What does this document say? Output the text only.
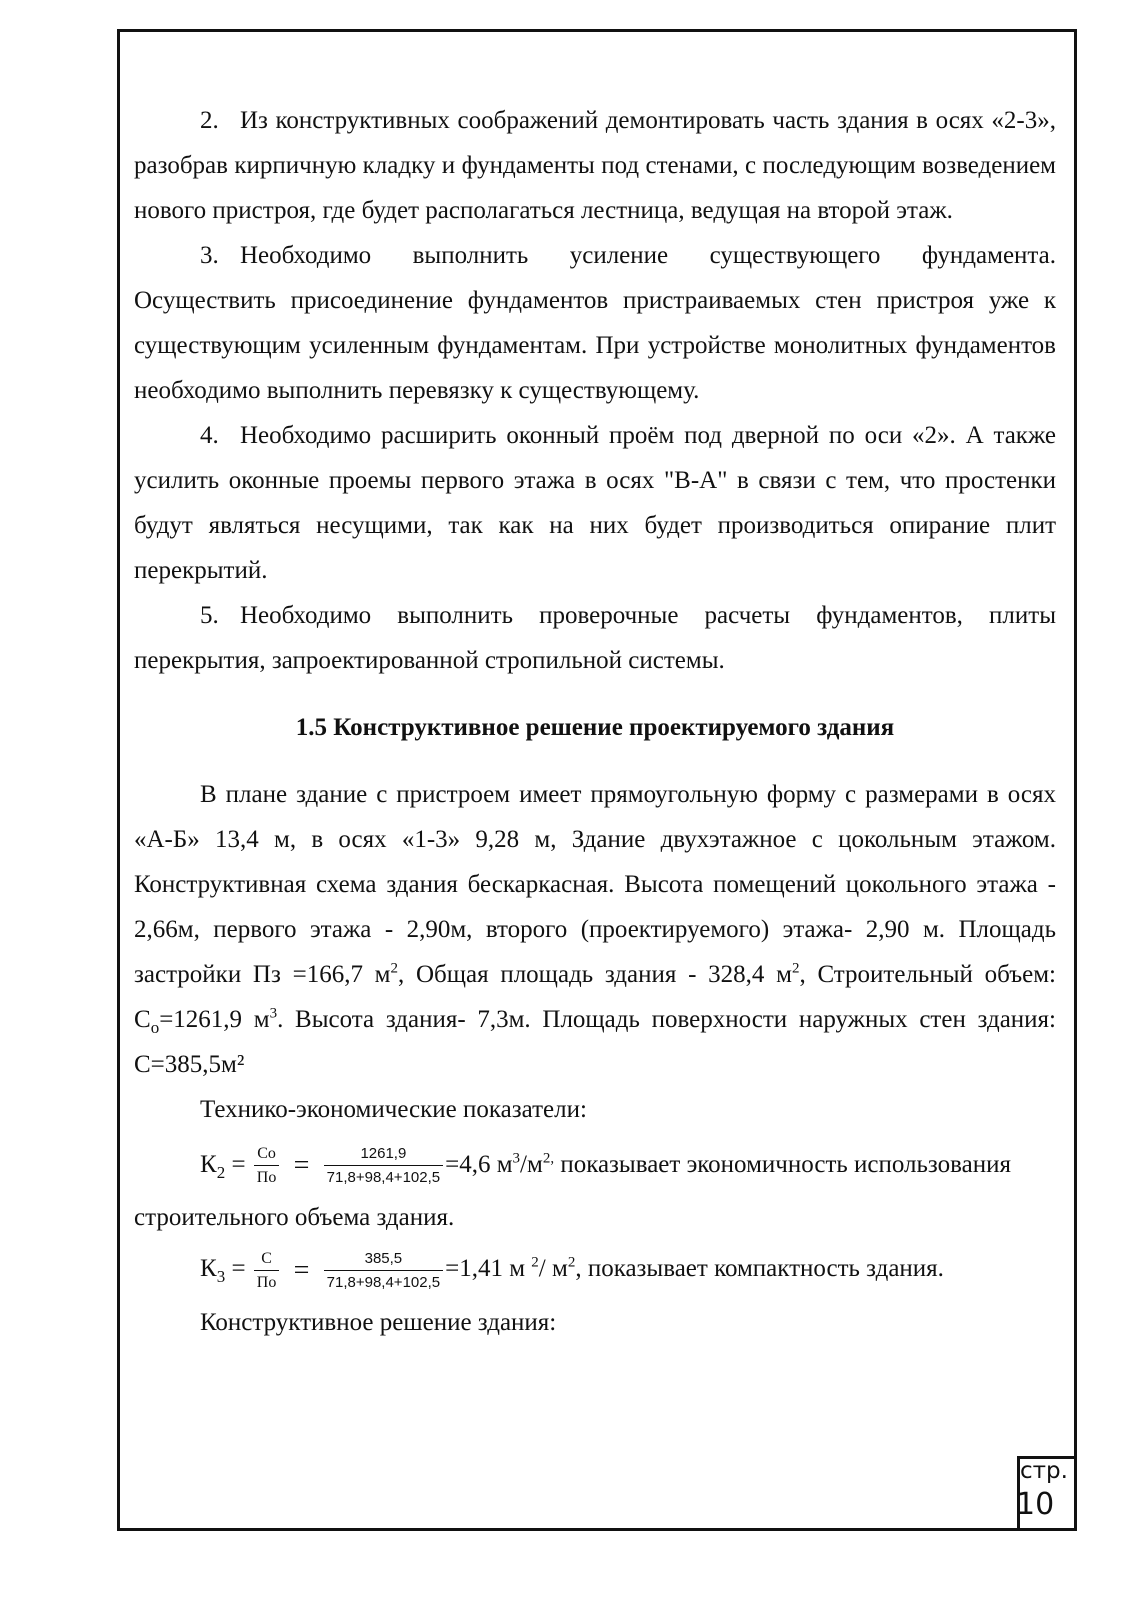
2. Из конструктивных соображений демонтировать часть здания в осях «2-3», разобрав кирпичную кладку и фундаменты под стенами, с последующим возведением нового пристроя, где будет располагаться лестница, ведущая на второй этаж.

3. Необходимо выполнить усиление существующего фундамента. Осуществить присоединение фундаментов пристраиваемых стен пристроя уже к существующим усиленным фундаментам. При устройстве монолитных фундаментов необходимо выполнить перевязку к существующему.

4. Необходимо расширить оконный проём под дверной по оси «2». А также усилить оконные проемы первого этажа в осях "В-А" в связи с тем, что простенки будут являться несущими, так как на них будет производиться опирание плит перекрытий.

5. Необходимо выполнить проверочные расчеты фундаментов, плиты перекрытия, запроектированной стропильной системы.

1.5 Конструктивное решение проектируемого здания

В плане здание с пристроем имеет прямоугольную форму с размерами в осях «А-Б» 13,4 м, в осях «1-3» 9,28 м, Здание двухэтажное с цокольным этажом. Конструктивная схема здания бескаркасная. Высота помещений цокольного этажа - 2,66м, первого этажа - 2,90м, второго (проектируемого) этажа- 2,90 м. Площадь застройки Пз =166,7 $м^2$, Общая площадь здания - 328,4 $м^2$, Строительный объем: $С_о=1261,9$ $м^3$. Высота здания- 7,3м. Площадь поверхности наружных стен здания: С=385,5м²

Технико-экономические показатели:

$К_2 = \frac{Co}{По} = \frac{1261,9}{71,8+98,4+102,5} =4,6$ $м^3/м^{2,}$ показывает экономичность использования

строительного объема здания.

$К_3 = \frac{С}{По} = \frac{385,5}{71,8+98,4+102,5} =1,41$ м $^2$/ $м^2$, показывает компактность здания.

Конструктивное решение здания:

стр.
10
